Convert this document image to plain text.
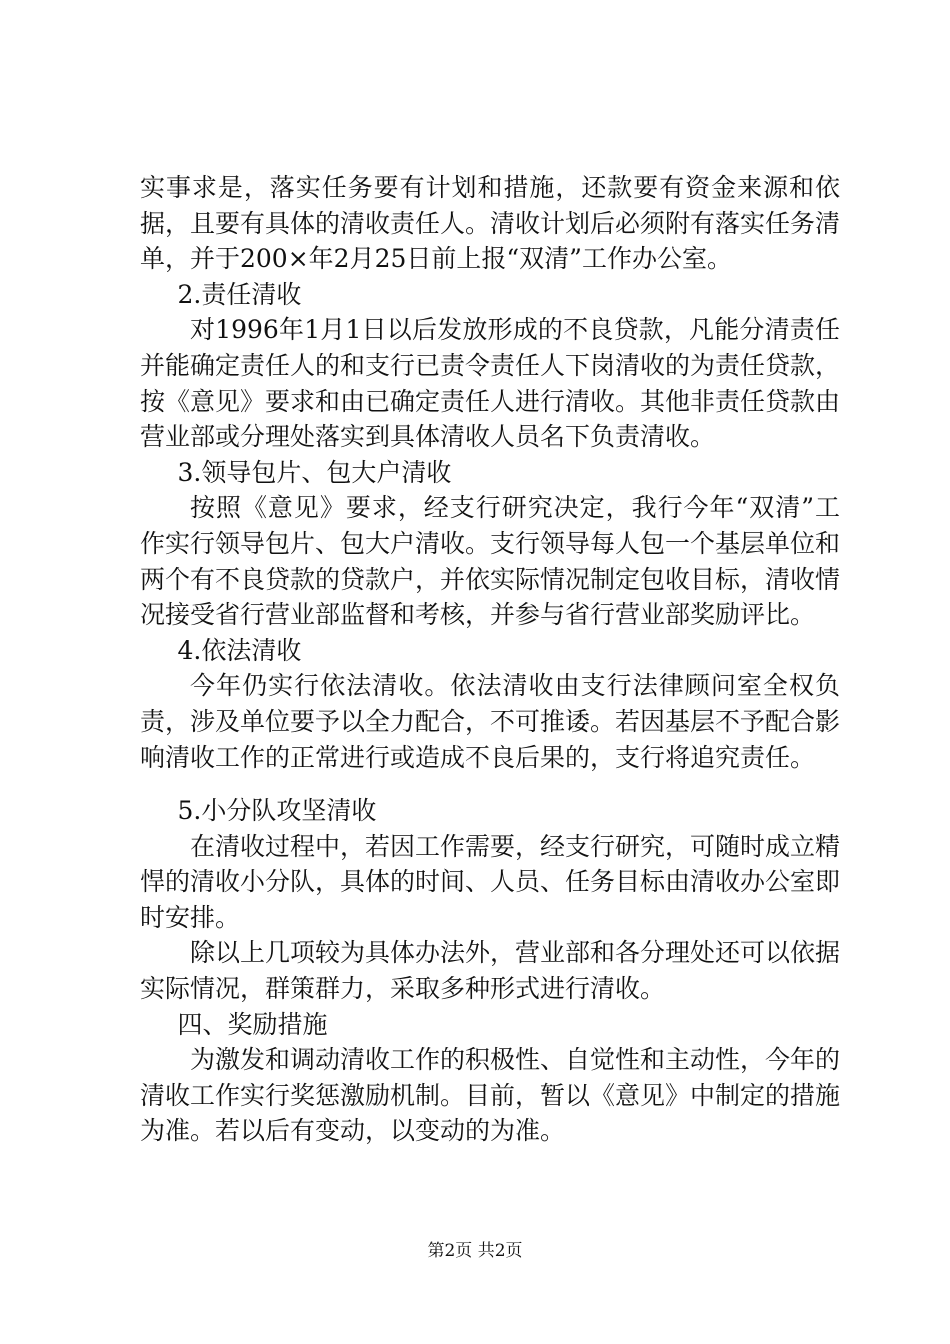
实事求是，落实任务要有计划和措施，还款要有资金来源和依据，且要有具体的清收责任人。清收计划后必须附有落实任务清单，并于200×年2月25日前上报“双清”工作办公室。

2.责任清收

对1996年1月1日以后发放形成的不良贷款，凡能分清责任并能确定责任人的和支行已责令责任人下岗清收的为责任贷款，按《意见》要求和由已确定责任人进行清收。其他非责任贷款由营业部或分理处落实到具体清收人员名下负责清收。

3.领导包片、包大户清收

按照《意见》要求，经支行研究决定，我行今年“双清”工作实行领导包片、包大户清收。支行领导每人包一个基层单位和两个有不良贷款的贷款户，并依实际情况制定包收目标，清收情况接受省行营业部监督和考核，并参与省行营业部奖励评比。

4.依法清收

今年仍实行依法清收。依法清收由支行法律顾问室全权负责，涉及单位要予以全力配合，不可推诿。若因基层不予配合影响清收工作的正常进行或造成不良后果的，支行将追究责任。

5.小分队攻坚清收

在清收过程中，若因工作需要，经支行研究，可随时成立精悍的清收小分队，具体的时间、人员、任务目标由清收办公室即时安排。

除以上几项较为具体办法外，营业部和各分理处还可以依据实际情况，群策群力，采取多种形式进行清收。

四、奖励措施

为激发和调动清收工作的积极性、自觉性和主动性，今年的清收工作实行奖惩激励机制。目前，暂以《意见》中制定的措施为准。若以后有变动，以变动的为准。

第2页 共2页
